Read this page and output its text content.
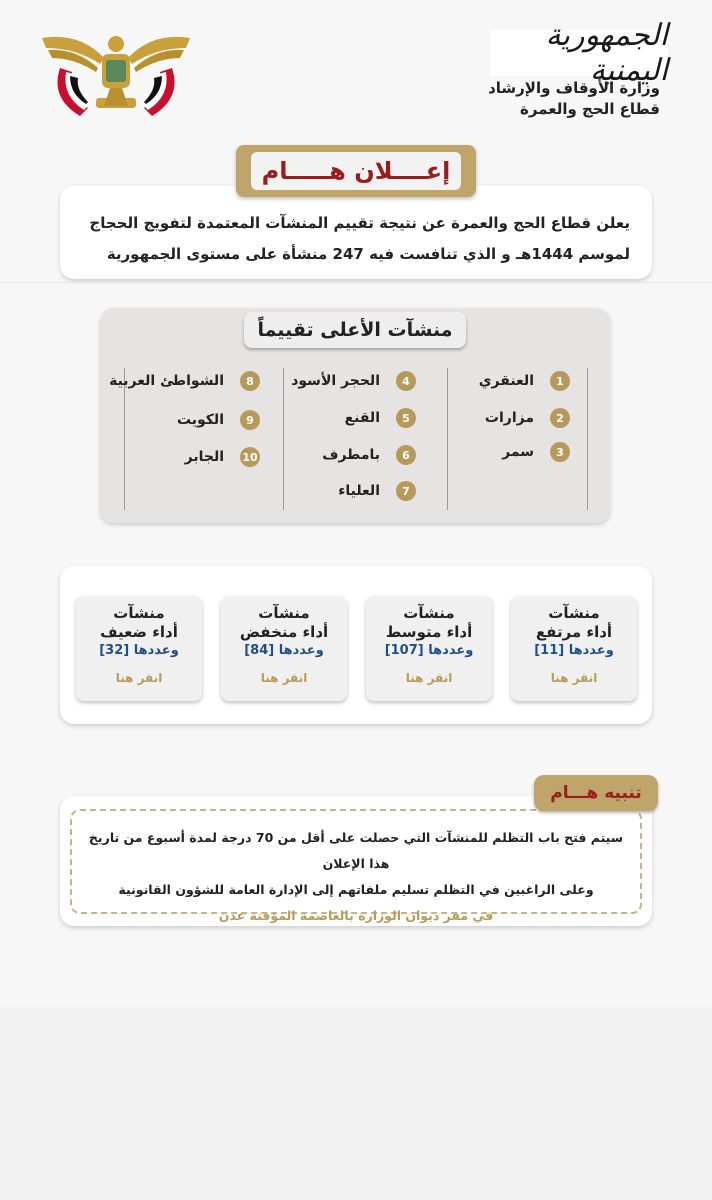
الجمهورية اليمنية
وزارة الأوقاف والإرشاد
قطاع الحج والعمرة
يعلن قطاع الحج والعمرة عن نتيجة تقييم المنشآت المعتمدة لتفويج الحجاج
لموسم 1444هـ و الذي تنافست فيه 247 منشأة على مستوى الجمهورية
إعــــلان هـــــام
منشآت الأعلى تقييماً
1
العنقري
2
مزارات
3
سمر
4
الحجر الأسود
5
القنع
6
بامطرف
7
العلياء
8
الشواطئ العربية
9
الكويت
10
الجابر
منشآت
أداء مرتفع
وعددها [11]
انقر هنا
منشآت
أداء متوسط
وعددها [107]
انقر هنا
منشآت
أداء منخفض
وعددها [84]
انقر هنا
منشآت
أداء ضعيف
وعددها [32]
انقر هنا
تنبيه هـــام
سيتم فتح باب التظلم للمنشآت التي حصلت على أقل من 70 درجة لمدة أسبوع من تاريخ هذا الإعلان
وعلى الراغبين في التظلم تسليم ملفاتهم إلى الإدارة العامة للشؤون القانونية
في مقر ديوان الوزارة بالعاصمة المؤقتة عدن
